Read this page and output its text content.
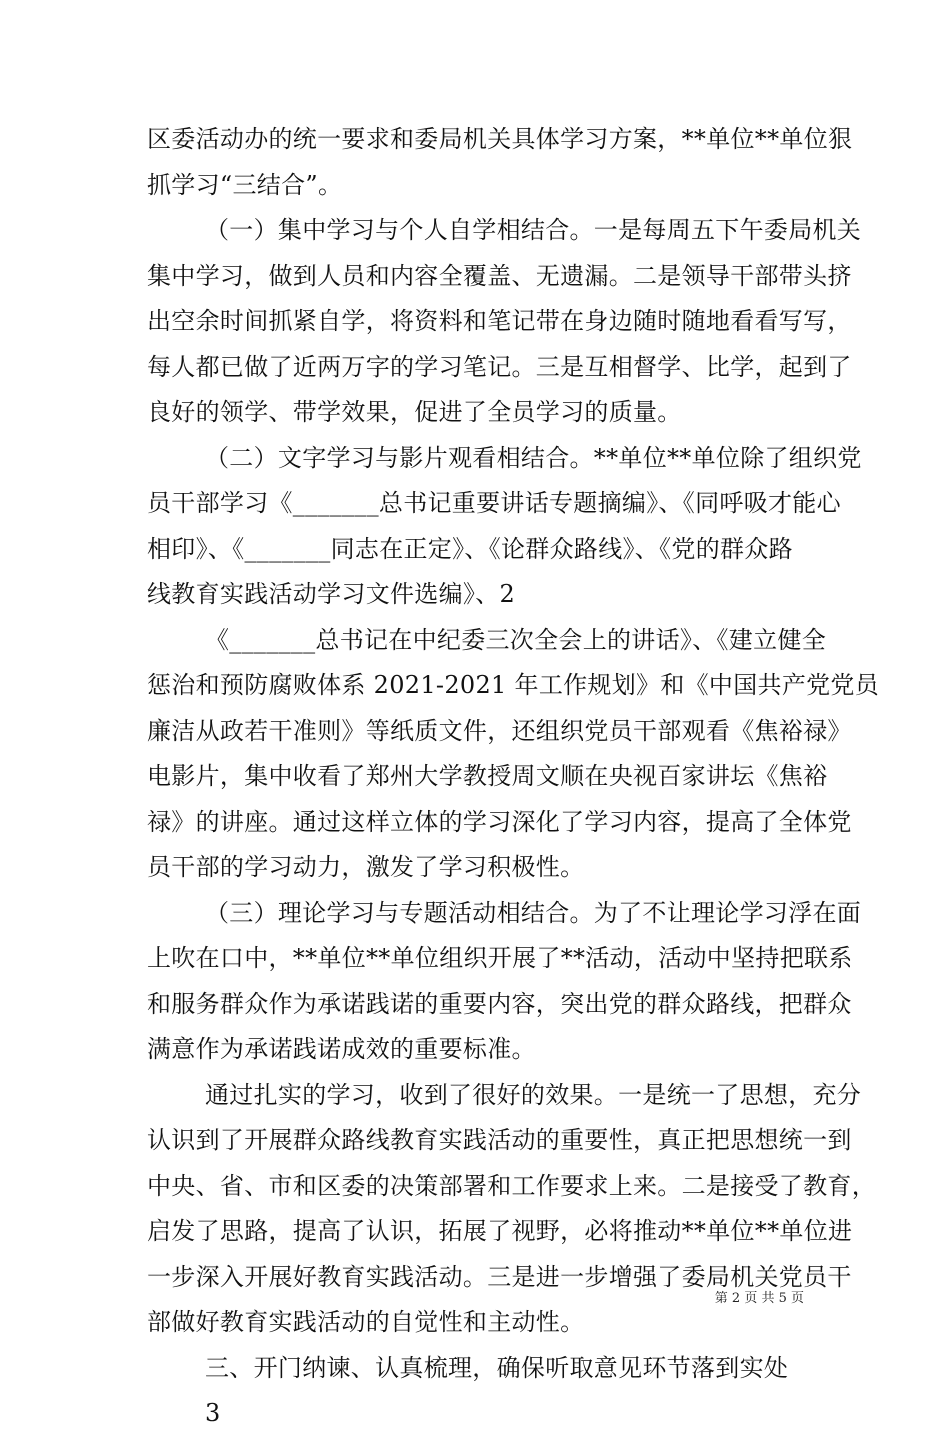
区委活动办的统一要求和委局机关具体学习方案，**单位**单位狠
抓学习“三结合”。
（一）集中学习与个人自学相结合。一是每周五下午委局机关
集中学习，做到人员和内容全覆盖、无遗漏。二是领导干部带头挤
出空余时间抓紧自学，将资料和笔记带在身边随时随地看看写写，
每人都已做了近两万字的学习笔记。三是互相督学、比学，起到了
良好的领学、带学效果，促进了全员学习的质量。
（二）文字学习与影片观看相结合。**单位**单位除了组织党
员干部学习《_______总书记重要讲话专题摘编》、《同呼吸才能心
相印》、《_______同志在正定》、《论群众路线》、《党的群众路
线教育实践活动学习文件选编》、2
《_______总书记在中纪委三次全会上的讲话》、《建立健全
惩治和预防腐败体系 2021-2021 年工作规划》和《中国共产党党员
廉洁从政若干准则》等纸质文件，还组织党员干部观看《焦裕禄》
电影片，集中收看了郑州大学教授周文顺在央视百家讲坛《焦裕
禄》的讲座。通过这样立体的学习深化了学习内容，提高了全体党
员干部的学习动力，激发了学习积极性。
（三）理论学习与专题活动相结合。为了不让理论学习浮在面
上吹在口中，**单位**单位组织开展了**活动，活动中坚持把联系
和服务群众作为承诺践诺的重要内容，突出党的群众路线，把群众
满意作为承诺践诺成效的重要标准。
通过扎实的学习，收到了很好的效果。一是统一了思想，充分
认识到了开展群众路线教育实践活动的重要性，真正把思想统一到
中央、省、市和区委的决策部署和工作要求上来。二是接受了教育，
启发了思路，提高了认识，拓展了视野，必将推动**单位**单位进
一步深入开展好教育实践活动。三是进一步增强了委局机关党员干
部做好教育实践活动的自觉性和主动性。
三、开门纳谏、认真梳理，确保听取意见环节落到实处
3
第 2 页 共 5 页
